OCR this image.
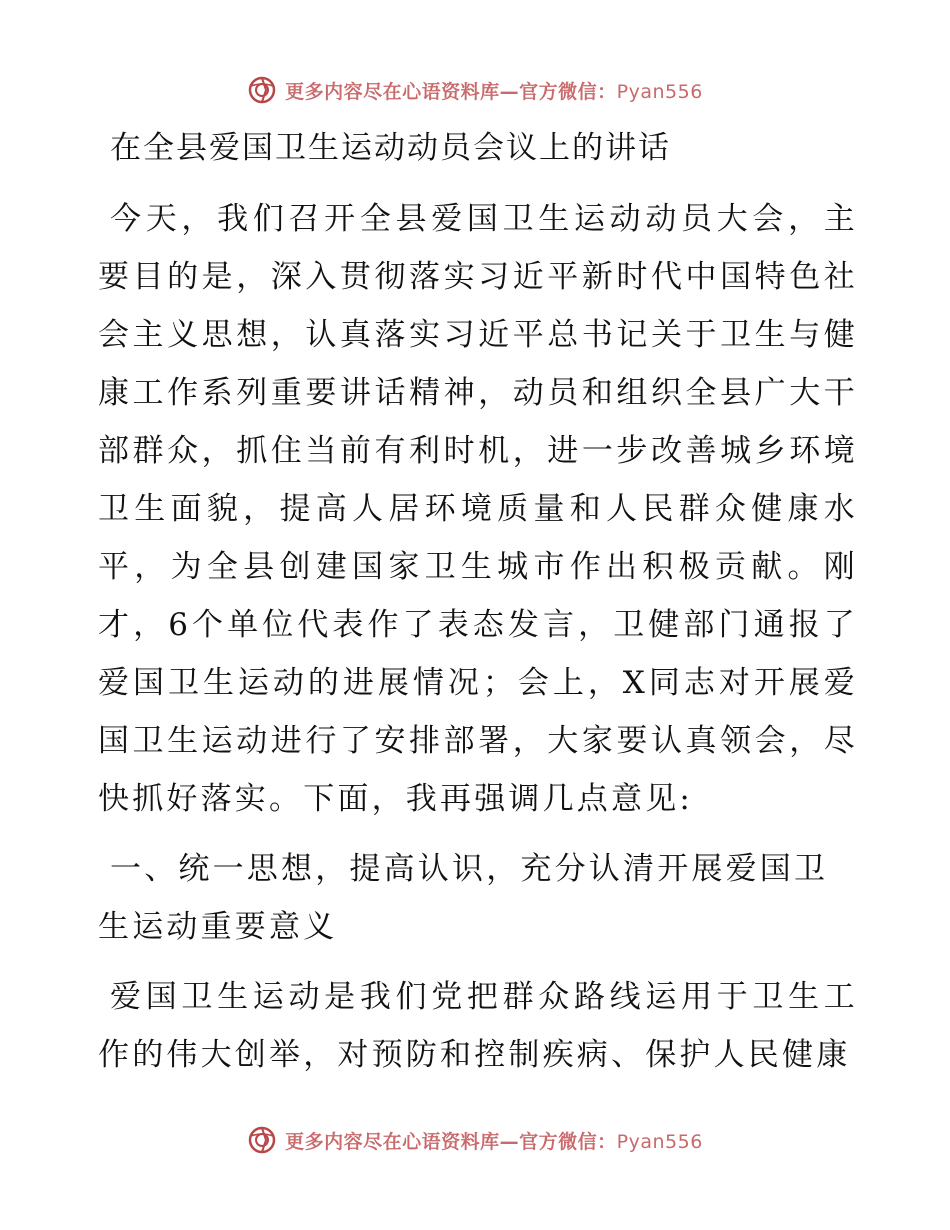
更多内容尽在心语资料库—官方微信：Pyan556
在全县爱国卫生运动动员会议上的讲话

今天，我们召开全县爱国卫生运动动员大会，主要目的是，深入贯彻落实习近平新时代中国特色社会主义思想，认真落实习近平总书记关于卫生与健康工作系列重要讲话精神，动员和组织全县广大干部群众，抓住当前有利时机，进一步改善城乡环境卫生面貌，提高人居环境质量和人民群众健康水平，为全县创建国家卫生城市作出积极贡献。刚才，6个单位代表作了表态发言，卫健部门通报了爱国卫生运动的进展情况；会上，X同志对开展爱国卫生运动进行了安排部署，大家要认真领会，尽快抓好落实。下面，我再强调几点意见:

一、统一思想，提高认识，充分认清开展爱国卫生运动重要意义

爱国卫生运动是我们党把群众路线运用于卫生工作的伟大创举，对预防和控制疾病、保护人民健康

更多内容尽在心语资料库—官方微信：Pyan556
